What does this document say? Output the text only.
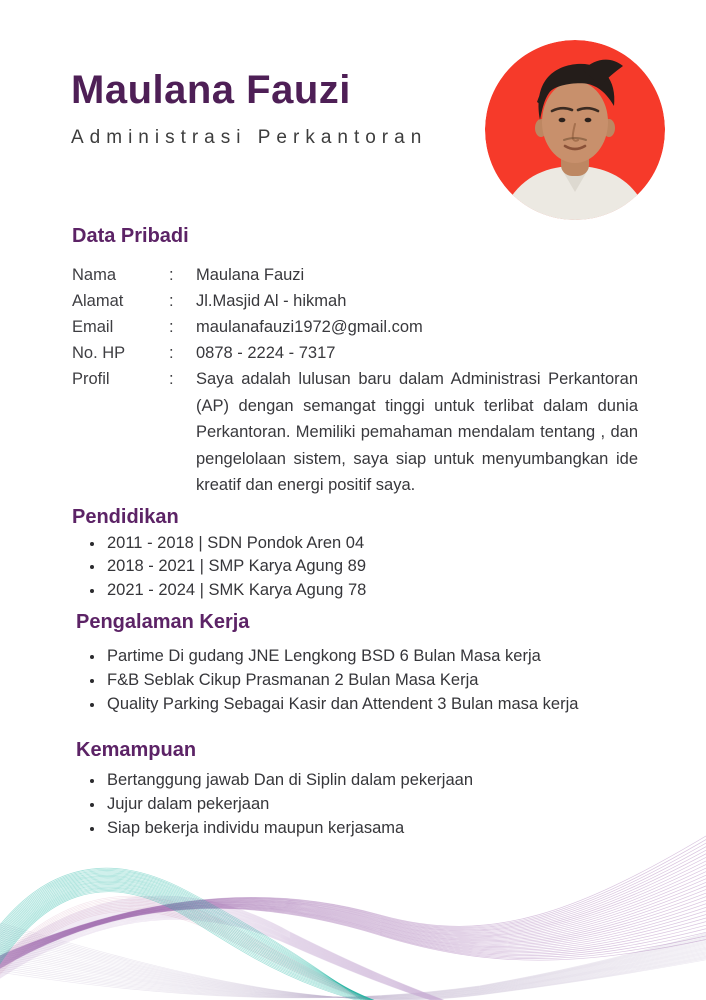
Maulana Fauzi
Administrasi Perkantoran
Data Pribadi
Nama	:	Maulana Fauzi
Alamat	:	Jl.Masjid Al - hikmah
Email	:	maulanafauzi1972@gmail.com
No. HP	:	0878 - 2224 - 7317
Profil	:	Saya adalah lulusan baru dalam Administrasi Perkantoran (AP) dengan semangat tinggi untuk terlibat dalam dunia Perkantoran. Memiliki pemahaman mendalam tentang , dan pengelolaan sistem, saya siap untuk menyumbangkan ide kreatif dan energi positif saya.
Pendidikan
• 2011 - 2018 | SDN Pondok Aren 04
• 2018 - 2021 | SMP Karya Agung 89
• 2021 - 2024 | SMK Karya Agung 78
Pengalaman Kerja
• Partime Di gudang JNE Lengkong BSD 6 Bulan Masa kerja
• F&B Seblak Cikup Prasmanan 2 Bulan Masa Kerja
• Quality Parking Sebagai Kasir dan Attendent 3 Bulan masa kerja
Kemampuan
• Bertanggung jawab Dan di Siplin dalam pekerjaan
• Jujur dalam pekerjaan
• Siap bekerja individu maupun kerjasama
